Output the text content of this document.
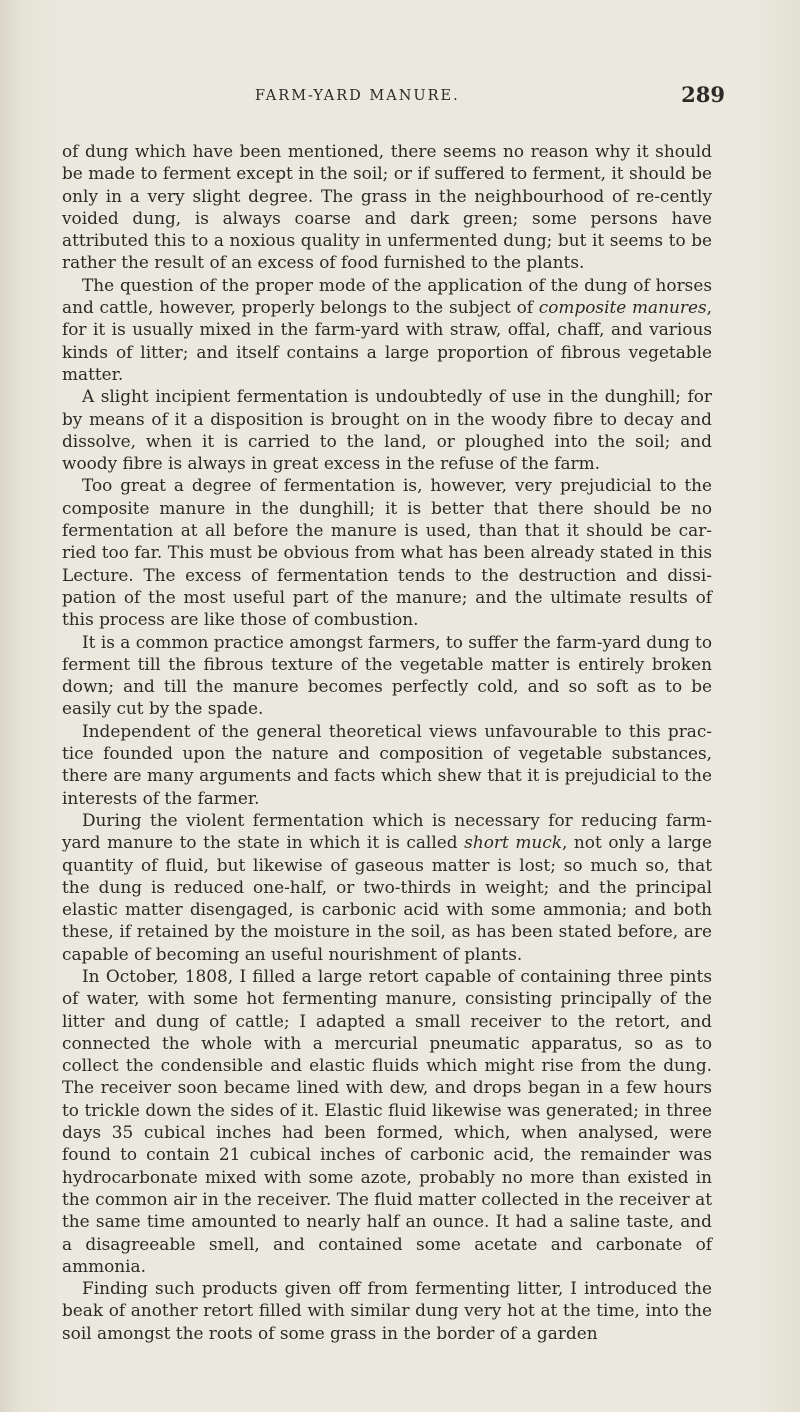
FARM-YARD MANURE.	289

of dung which have been mentioned, there seems no reason why it should be made to ferment except in the soil; or if suffered to ferment, it should be only in a very slight degree. The grass in the neighbourhood of re-cently voided dung, is always coarse and dark green; some persons have attributed this to a noxious quality in unfermented dung; but it seems to be rather the result of an excess of food furnished to the plants.

The question of the proper mode of the application of the dung of horses and cattle, however, properly belongs to the subject of composite manures, for it is usually mixed in the farm-yard with straw, offal, chaff, and various kinds of litter; and itself contains a large proportion of fibrous vegetable matter.

A slight incipient fermentation is undoubtedly of use in the dunghill; for by means of it a disposition is brought on in the woody fibre to decay and dissolve, when it is carried to the land, or ploughed into the soil; and woody fibre is always in great excess in the refuse of the farm.

Too great a degree of fermentation is, however, very prejudicial to the composite manure in the dunghill; it is better that there should be no fermentation at all before the manure is used, than that it should be car-ried too far. This must be obvious from what has been already stated in this Lecture. The excess of fermentation tends to the destruction and dissi-pation of the most useful part of the manure; and the ultimate results of this process are like those of combustion.

It is a common practice amongst farmers, to suffer the farm-yard dung to ferment till the fibrous texture of the vegetable matter is entirely broken down; and till the manure becomes perfectly cold, and so soft as to be easily cut by the spade.

Independent of the general theoretical views unfavourable to this prac-tice founded upon the nature and composition of vegetable substances, there are many arguments and facts which shew that it is prejudicial to the interests of the farmer.

During the violent fermentation which is necessary for reducing farm-yard manure to the state in which it is called short muck, not only a large quantity of fluid, but likewise of gaseous matter is lost; so much so, that the dung is reduced one-half, or two-thirds in weight; and the principal elastic matter disengaged, is carbonic acid with some ammonia; and both these, if retained by the moisture in the soil, as has been stated before, are capable of becoming an useful nourishment of plants.

In October, 1808, I filled a large retort capable of containing three pints of water, with some hot fermenting manure, consisting principally of the litter and dung of cattle; I adapted a small receiver to the retort, and connected the whole with a mercurial pneumatic apparatus, so as to collect the condensible and elastic fluids which might rise from the dung. The receiver soon became lined with dew, and drops began in a few hours to trickle down the sides of it. Elastic fluid likewise was generated; in three days 35 cubical inches had been formed, which, when analysed, were found to contain 21 cubical inches of carbonic acid, the remainder was hydrocarbonate mixed with some azote, probably no more than existed in the common air in the receiver. The fluid matter collected in the receiver at the same time amounted to nearly half an ounce. It had a saline taste, and a disagreeable smell, and contained some acetate and carbonate of ammonia.

Finding such products given off from fermenting litter, I introduced the beak of another retort filled with similar dung very hot at the time, into the soil amongst the roots of some grass in the border of a garden
